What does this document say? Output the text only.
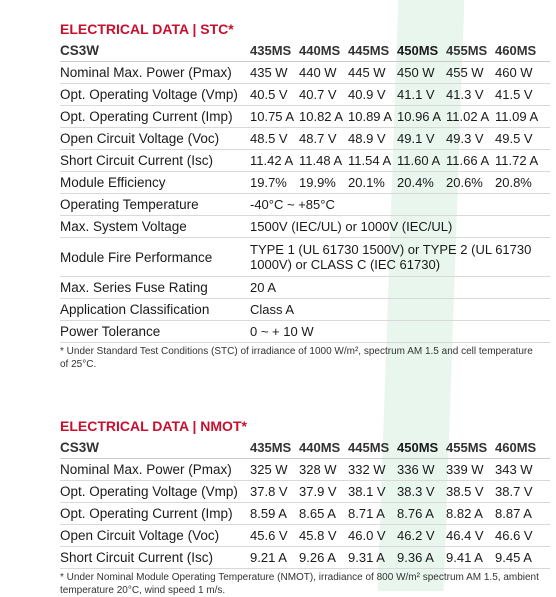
ELECTRICAL DATA | STC*
CS3W	435MS 440MS 445MS 450MS 455MS 460MS
Nominal Max. Power (Pmax)	435 W 440 W 445 W 450 W 455 W 460 W
Opt. Operating Voltage (Vmp) 40.5 V 40.7 V 40.9 V 41.1 V 41.3 V 41.5 V
Opt. Operating Current (Imp)	10.75 A 10.82 A 10.89 A 10.96 A 11.02 A 11.09 A
Open Circuit Voltage (Voc)	48.5 V 48.7 V 48.9 V 49.1 V 49.3 V 49.5 V
Short Circuit Current (Isc)	11.42 A 11.48 A 11.54 A 11.60 A 11.66 A 11.72 A
Module Efficiency	19.7% 19.9% 20.1% 20.4% 20.6% 20.8%
Operating Temperature	-40°C ~ +85°C
Max. System Voltage	1500V (IEC/UL) or 1000V (IEC/UL)
Module Fire Performance	TYPE 1 (UL 61730 1500V) or TYPE 2 (UL 61730 1000V) or CLASS C (IEC 61730)
Max. Series Fuse Rating	20 A
Application Classification	Class A
Power Tolerance	0 ~ + 10 W
* Under Standard Test Conditions (STC) of irradiance of 1000 W/m², spectrum AM 1.5 and cell temperature of 25°C.
ELECTRICAL DATA | NMOT*
CS3W	435MS 440MS 445MS 450MS 455MS 460MS
Nominal Max. Power (Pmax)	325 W 328 W 332 W 336 W 339 W 343 W
Opt. Operating Voltage (Vmp) 37.8 V 37.9 V 38.1 V 38.3 V 38.5 V 38.7 V
Opt. Operating Current (Imp)	8.59 A 8.65 A 8.71 A 8.76 A 8.82 A 8.87 A
Open Circuit Voltage (Voc)	45.6 V 45.8 V 46.0 V 46.2 V 46.4 V 46.6 V
Short Circuit Current (Isc)	9.21 A 9.26 A 9.31 A 9.36 A 9.41 A 9.45 A
* Under Nominal Module Operating Temperature (NMOT), irradiance of 800 W/m² spectrum AM 1.5, ambient temperature 20°C, wind speed 1 m/s.
